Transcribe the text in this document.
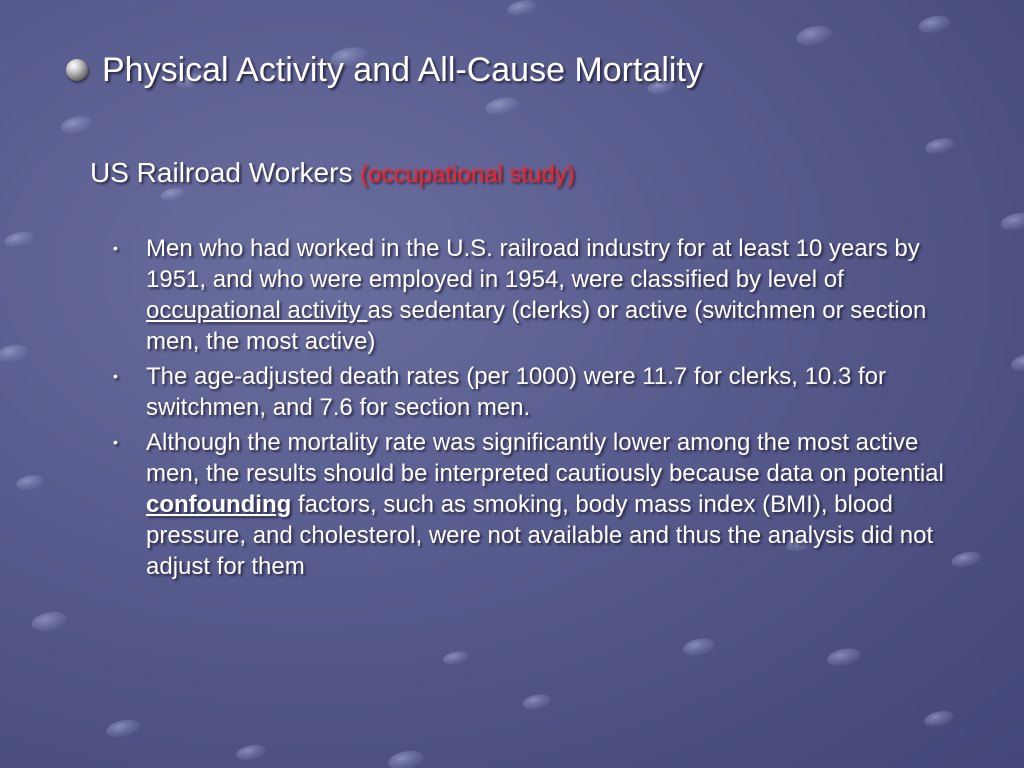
Physical Activity and All-Cause Mortality
US Railroad Workers (occupational study)
• Men who had worked in the U.S. railroad industry for at least 10 years by 1951, and who were employed in 1954, were classified by level of occupational activity as sedentary (clerks) or active (switchmen or section men, the most active)
• The age-adjusted death rates (per 1000) were 11.7 for clerks, 10.3 for switchmen, and 7.6 for section men.
• Although the mortality rate was significantly lower among the most active men, the results should be interpreted cautiously because data on potential confounding factors, such as smoking, body mass index (BMI), blood pressure, and cholesterol, were not available and thus the analysis did not adjust for them
